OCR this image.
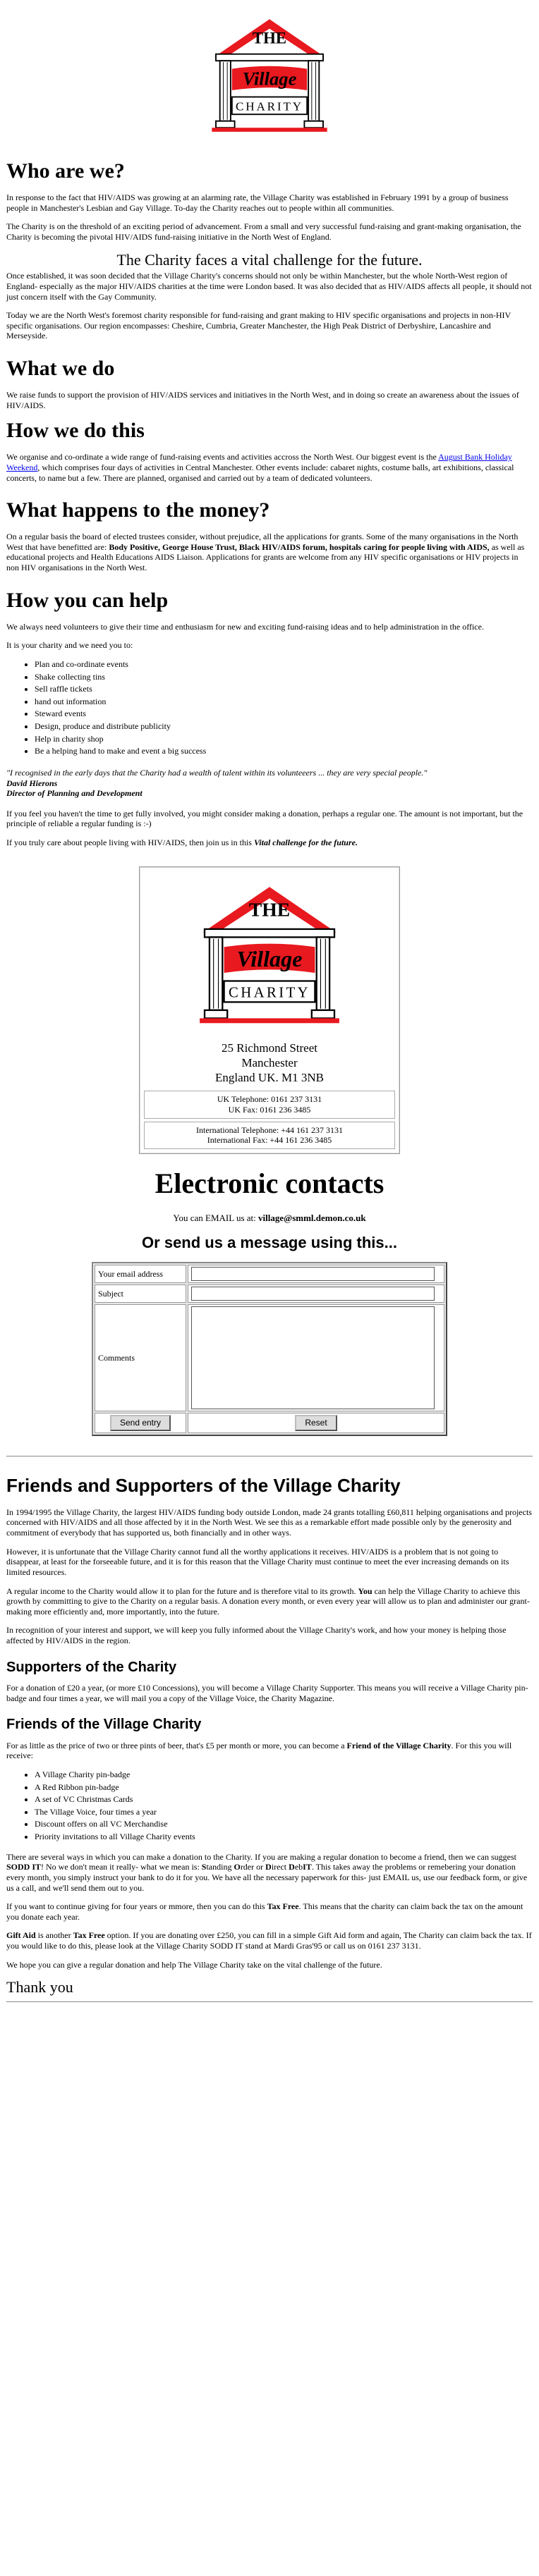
THE
Village
CHARITY
Who are we?

In response to the fact that HIV/AIDS was growing at an alarming rate, the Village Charity was established in February 1991 by a group of business people in Manchester's Lesbian and Gay Village. To-day the Charity reaches out to people within all communities.

The Charity is on the threshold of an exciting period of advancement. From a small and very successful fund-raising and grant-making organisation, the Charity is becoming the pivotal HIV/AIDS fund-raising initiative in the North West of England.

The Charity faces a vital challenge for the future.

Once established, it was soon decided that the Village Charity's concerns should not only be within Manchester, but the whole North-West region of England- especially as the major HIV/AIDS charities at the time were London based. It was also decided that as HIV/AIDS affects all people, it should not just concern itself with the Gay Community.

Today we are the North West's foremost charity responsible for fund-raising and grant making to HIV specific organisations and projects in non-HIV specific organisations. Our region encompasses: Cheshire, Cumbria, Greater Manchester, the High Peak District of Derbyshire, Lancashire and Merseyside.

What we do

We raise funds to support the provision of HIV/AIDS services and initiatives in the North West, and in doing so create an awareness about the issues of HIV/AIDS.

How we do this

We organise and co-ordinate a wide range of fund-raising events and activities accross the North West. Our biggest event is the August Bank Holiday Weekend, which comprises four days of activities in Central Manchester. Other events include: cabaret nights, costume balls, art exhibitions, classical concerts, to name but a few. There are planned, organised and carried out by a team of dedicated volunteers.

What happens to the money?

On a regular basis the board of elected trustees consider, without prejudice, all the applications for grants. Some of the many organisations in the North West that have benefitted are: Body Positive, George House Trust, Black HIV/AIDS forum, hospitals caring for people living with AIDS, as well as educational projects and Health Educations AIDS Liaison. Applications for grants are welcome from any HIV specific organisations or HIV projects in non HIV organisations in the North West.

How you can help

We always need volunteers to give their time and enthusiasm for new and exciting fund-raising ideas and to help administration in the office.

It is your charity and we need you to:

• Plan and co-ordinate events
• Shake collecting tins
• Sell raffle tickets
• hand out information
• Steward events
• Design, produce and distribute publicity
• Help in charity shop
• Be a helping hand to make and event a big success
"I recognised in the early days that the Charity had a wealth of talent within its volunteeers ... they are very special people."
David Hierons
Director of Planning and Development

If you feel you haven't the time to get fully involved, you might consider making a donation, perhaps a regular one. The amount is not important, but the principle of reliable a regular funding is :-)

If you truly care about people living with HIV/AIDS, then join us in this Vital challenge for the future.

THE
Village
CHARITY
25 Richmond Street
Manchester
England UK. M1 3NB
UK Telephone: 0161 237 3131
UK Fax: 0161 236 3485
International Telephone: +44 161 237 3131
International Fax: +44 161 236 3485
Electronic contacts
You can EMAIL us at: village@smml.demon.co.uk
Or send us a message using this...
Your email address	

Subject	

Comments	

Send entry	Reset
Friends and Supporters of the Village Charity

In 1994/1995 the Village Charity, the largest HIV/AIDS funding body outside London, made 24 grants totalling £60,811 helping organisations and projects concerned with HIV/AIDS and all those affected by it in the North West. We see this as a remarkable effort made possible only by the generosity and commitment of everybody that has supported us, both financially and in other ways.

However, it is unfortunate that the Village Charity cannot fund all the worthy applications it receives. HIV/AIDS is a problem that is not going to disappear, at least for the forseeable future, and it is for this reason that the Village Charity must continue to meet the ever increasing demands on its limited resources.

A regular income to the Charity would allow it to plan for the future and is therefore vital to its growth. You can help the Village Charity to achieve this growth by committing to give to the Charity on a regular basis. A donation every month, or even every year will allow us to plan and administer our grant-making more efficiently and, more importantly, into the future.

In recognition of your interest and support, we will keep you fully informed about the Village Charity's work, and how your money is helping those affected by HIV/AIDS in the region.

Supporters of the Charity

For a donation of £20 a year, (or more £10 Concessions), you will become a Village Charity Supporter. This means you will receive a Village Charity pin-badge and four times a year, we will mail you a copy of the Village Voice, the Charity Magazine.

Friends of the Village Charity

For as little as the price of two or three pints of beer, that's £5 per month or more, you can become a Friend of the Village Charity. For this you will receive:

• A Village Charity pin-badge
• A Red Ribbon pin-badge
• A set of VC Christmas Cards
• The Village Voice, four times a year
• Discount offers on all VC Merchandise
• Priority invitations to all Village Charity events

There are several ways in which you can make a donation to the Charity. If you are making a regular donation to become a friend, then we can suggest SODD IT! No we don't mean it really- what we mean is: Standing Order or Direct DebIT. This takes away the problems or remebering your donation every month, you simply instruct your bank to do it for you. We have all the necessary paperwork for this- just EMAIL us, use our feedback form, or give us a call, and we'll send them out to you.

If you want to continue giving for four years or mmore, then you can do this Tax Free. This means that the charity can claim back the tax on the amount you donate each year.

Gift Aid is another Tax Free option. If you are donating over £250, you can fill in a simple Gift Aid form and again, The Charity can claim back the tax. If you would like to do this, please look at the Village Charity SODD IT stand at Mardi Gras'95 or call us on 0161 237 3131.

We hope you can give a regular donation and help The Village Charity take on the vital challenge of the future.

Thank you
